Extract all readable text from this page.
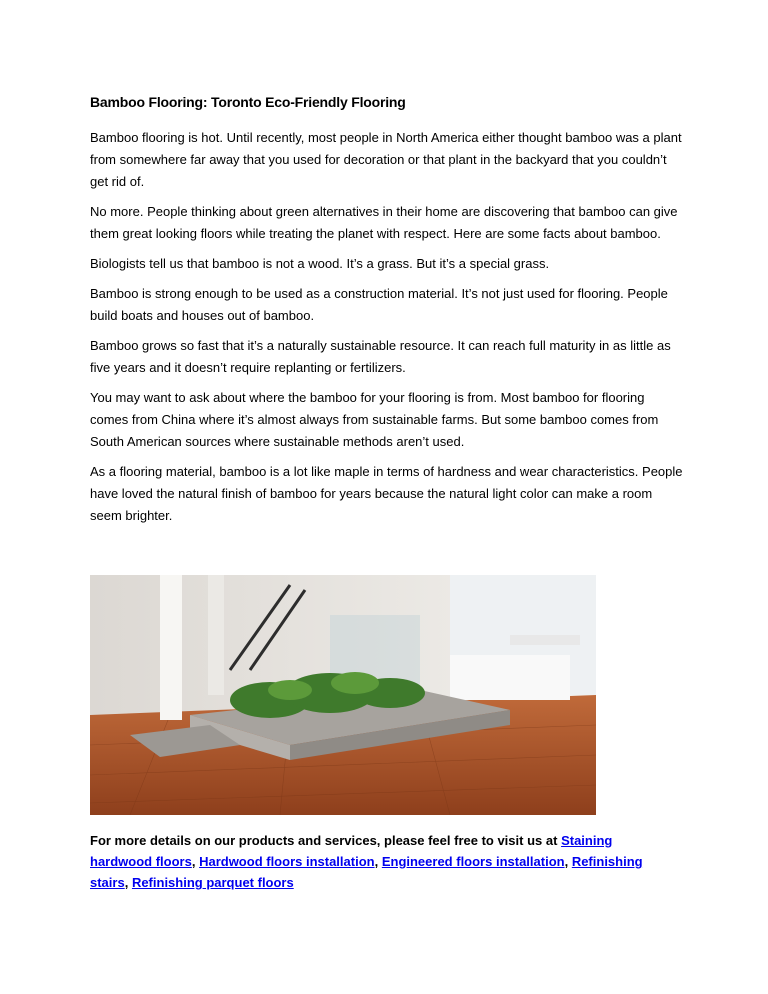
Bamboo Flooring: Toronto Eco-Friendly Flooring

Bamboo flooring is hot. Until recently, most people in North America either thought bamboo was a plant from somewhere far away that you used for decoration or that plant in the backyard that you couldn’t get rid of.

No more. People thinking about green alternatives in their home are discovering that bamboo can give them great looking floors while treating the planet with respect. Here are some facts about bamboo.

Biologists tell us that bamboo is not a wood. It’s a grass. But it’s a special grass.

Bamboo is strong enough to be used as a construction material. It’s not just used for flooring. People build boats and houses out of bamboo.

Bamboo grows so fast that it’s a naturally sustainable resource. It can reach full maturity in as little as five years and it doesn’t require replanting or fertilizers.

You may want to ask about where the bamboo for your flooring is from. Most bamboo for flooring comes from China where it’s almost always from sustainable farms. But some bamboo comes from South American sources where sustainable methods aren’t used.

As a flooring material, bamboo is a lot like maple in terms of hardness and wear characteristics. People have loved the natural finish of bamboo for years because the natural light color can make a room seem brighter.

For more details on our products and services, please feel free to visit us at Staining hardwood floors, Hardwood floors installation, Engineered floors installation, Refinishing stairs, Refinishing parquet floors
